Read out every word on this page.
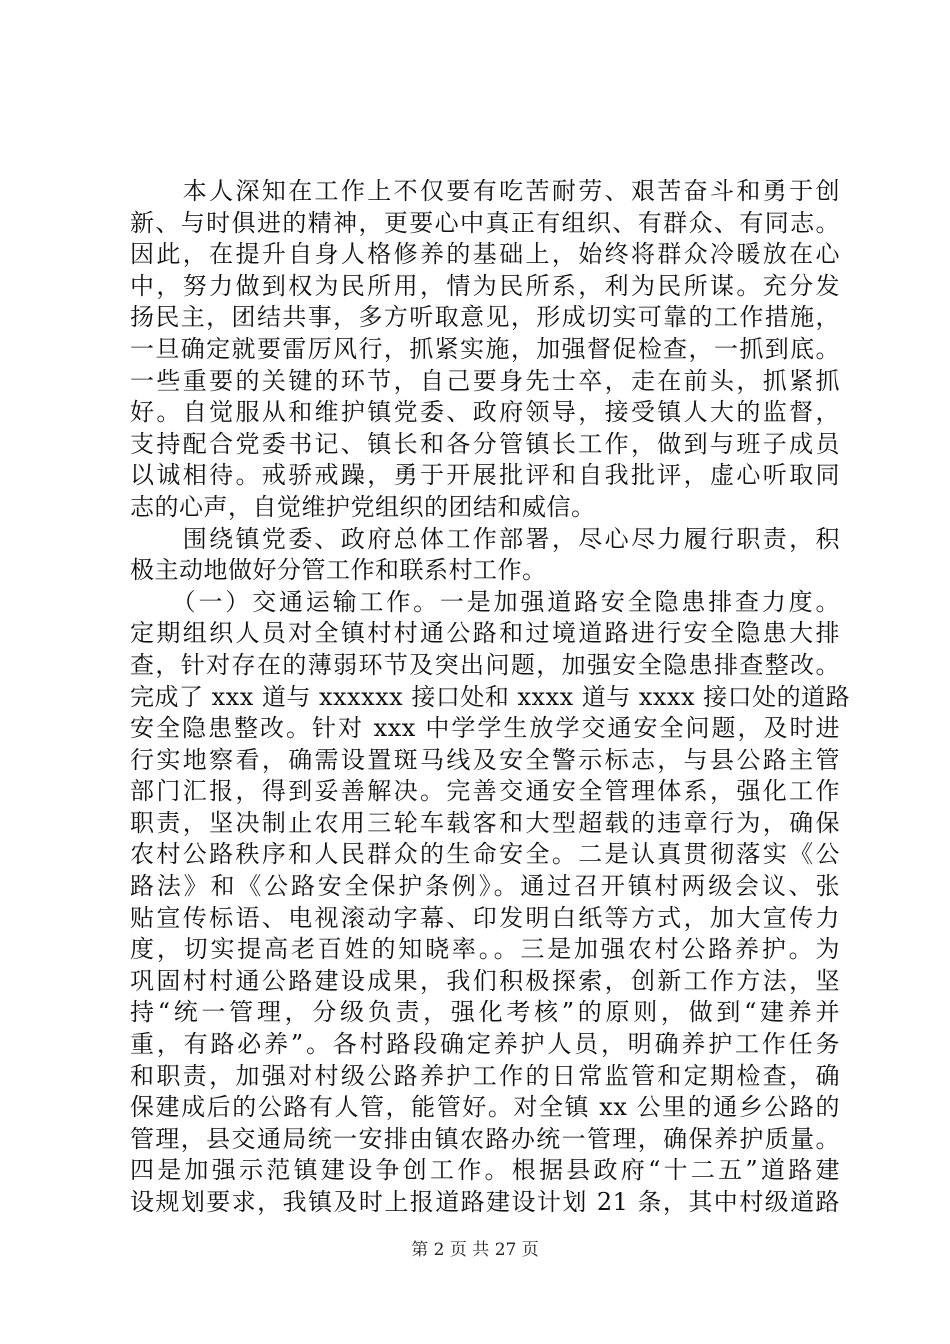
　　本人深知在工作上不仅要有吃苦耐劳、艰苦奋斗和勇于创
新、与时俱进的精神，更要心中真正有组织、有群众、有同志。
因此，在提升自身人格修养的基础上，始终将群众冷暖放在心
中，努力做到权为民所用，情为民所系，利为民所谋。充分发
扬民主，团结共事，多方听取意见，形成切实可靠的工作措施，
一旦确定就要雷厉风行，抓紧实施，加强督促检查，一抓到底。
一些重要的关键的环节，自己要身先士卒，走在前头，抓紧抓
好。自觉服从和维护镇党委、政府领导，接受镇人大的监督，
支持配合党委书记、镇长和各分管镇长工作，做到与班子成员
以诚相待。戒骄戒躁，勇于开展批评和自我批评，虚心听取同
志的心声，自觉维护党组织的团结和威信。
　　围绕镇党委、政府总体工作部署，尽心尽力履行职责，积
极主动地做好分管工作和联系村工作。
　　（一）交通运输工作。一是加强道路安全隐患排查力度。
定期组织人员对全镇村村通公路和过境道路进行安全隐患大排
查，针对存在的薄弱环节及突出问题，加强安全隐患排查整改。
完成了 xxx 道与 xxxxxx 接口处和 xxxx 道与 xxxx 接口处的道路
安全隐患整改。针对 xxx 中学学生放学交通安全问题，及时进
行实地察看，确需设置斑马线及安全警示标志，与县公路主管
部门汇报，得到妥善解决。完善交通安全管理体系，强化工作
职责，坚决制止农用三轮车载客和大型超载的违章行为，确保
农村公路秩序和人民群众的生命安全。二是认真贯彻落实《公
路法》和《公路安全保护条例》。通过召开镇村两级会议、张
贴宣传标语、电视滚动字幕、印发明白纸等方式，加大宣传力
度，切实提高老百姓的知晓率。。三是加强农村公路养护。为
巩固村村通公路建设成果，我们积极探索，创新工作方法，坚
持“统一管理，分级负责，强化考核”的原则，做到“建养并
重，有路必养”。各村路段确定养护人员，明确养护工作任务
和职责，加强对村级公路养护工作的日常监管和定期检查，确
保建成后的公路有人管，能管好。对全镇 xx 公里的通乡公路的
管理，县交通局统一安排由镇农路办统一管理，确保养护质量。
四是加强示范镇建设争创工作。根据县政府“十二五”道路建
设规划要求，我镇及时上报道路建设计划 21 条，其中村级道路
第 2 页 共 27 页
